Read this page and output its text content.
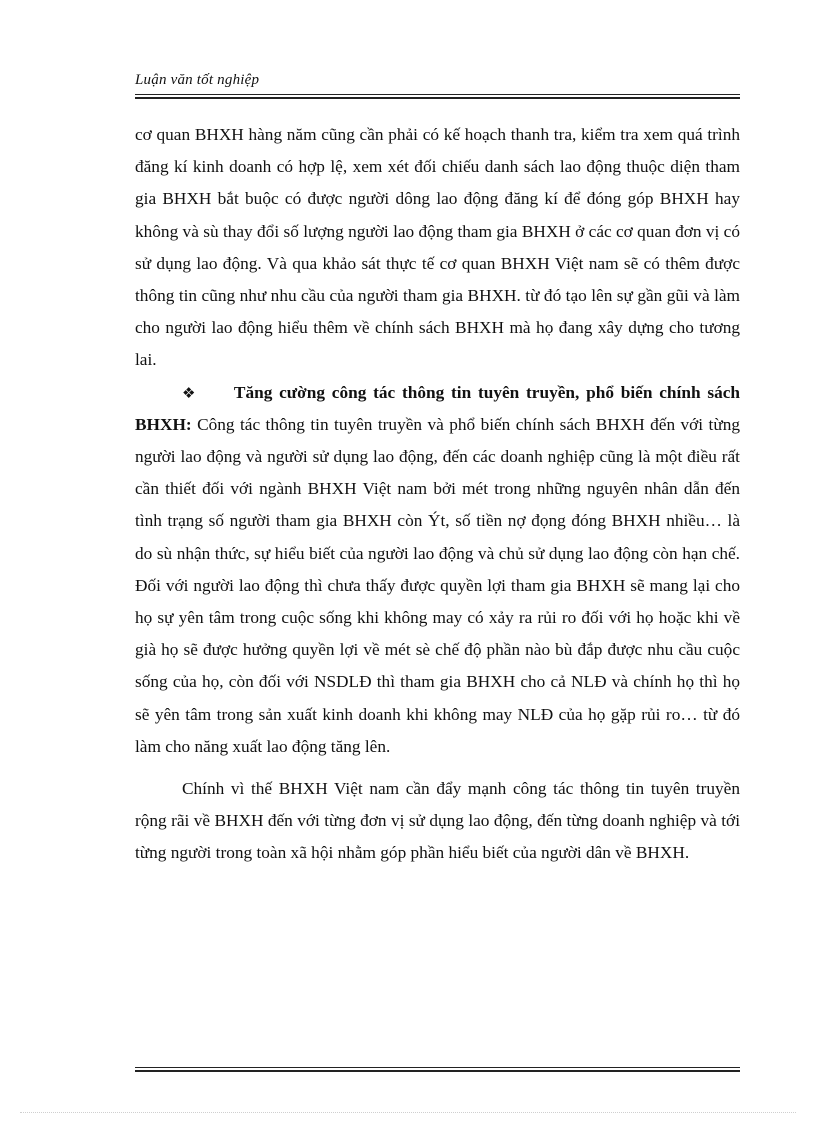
Luận văn tốt nghiệp

cơ quan BHXH hàng năm cũng cần phải có kế hoạch thanh tra, kiểm tra xem quá trình đăng kí kinh doanh có hợp lệ, xem xét đối chiếu danh sách lao động thuộc diện tham gia BHXH bắt buộc có được người dông lao động đăng kí để đóng góp BHXH hay không và sù thay đổi số lượng người lao động tham gia BHXH ở các cơ quan đơn vị có sử dụng lao động. Và qua khảo sát thực tế cơ quan BHXH Việt nam sẽ có thêm được thông tin cũng như nhu cầu của người tham gia BHXH. từ đó tạo lên sự gần gũi và làm cho người lao động hiểu thêm về chính sách BHXH mà họ đang xây dựng cho tương lai.

❖ Tăng cường công tác thông tin tuyên truyền, phổ biến chính sách BHXH: Công tác thông tin tuyên truyền và phổ biến chính sách BHXH đến với từng người lao động và người sử dụng lao động, đến các doanh nghiệp cũng là một điều rất cần thiết đối với ngành BHXH Việt nam bởi mét trong những nguyên nhân dẫn đến tình trạng số người tham gia BHXH còn Ýt, số tiền nợ đọng đóng BHXH nhiều… là do sù nhận thức, sự hiểu biết của người lao động và chủ sử dụng lao động còn hạn chế. Đối với người lao động thì chưa thấy được quyền lợi tham gia BHXH sẽ mang lại cho họ sự yên tâm trong cuộc sống khi không may có xảy ra rủi ro đối với họ hoặc khi về già họ sẽ được hưởng quyền lợi về mét sè chế độ phần nào bù đắp được nhu cầu cuộc sống của họ, còn đối với NSDLĐ thì tham gia BHXH cho cả NLĐ và chính họ thì họ sẽ yên tâm trong sản xuất kinh doanh khi không may NLĐ của họ gặp rủi ro… từ đó làm cho năng xuất lao động tăng lên.

Chính vì thế BHXH Việt nam cần đẩy mạnh công tác thông tin tuyên truyền rộng rãi về BHXH đến với từng đơn vị sử dụng lao động, đến từng doanh nghiệp và tới từng người trong toàn xã hội nhằm góp phần hiểu biết của người dân về BHXH.
